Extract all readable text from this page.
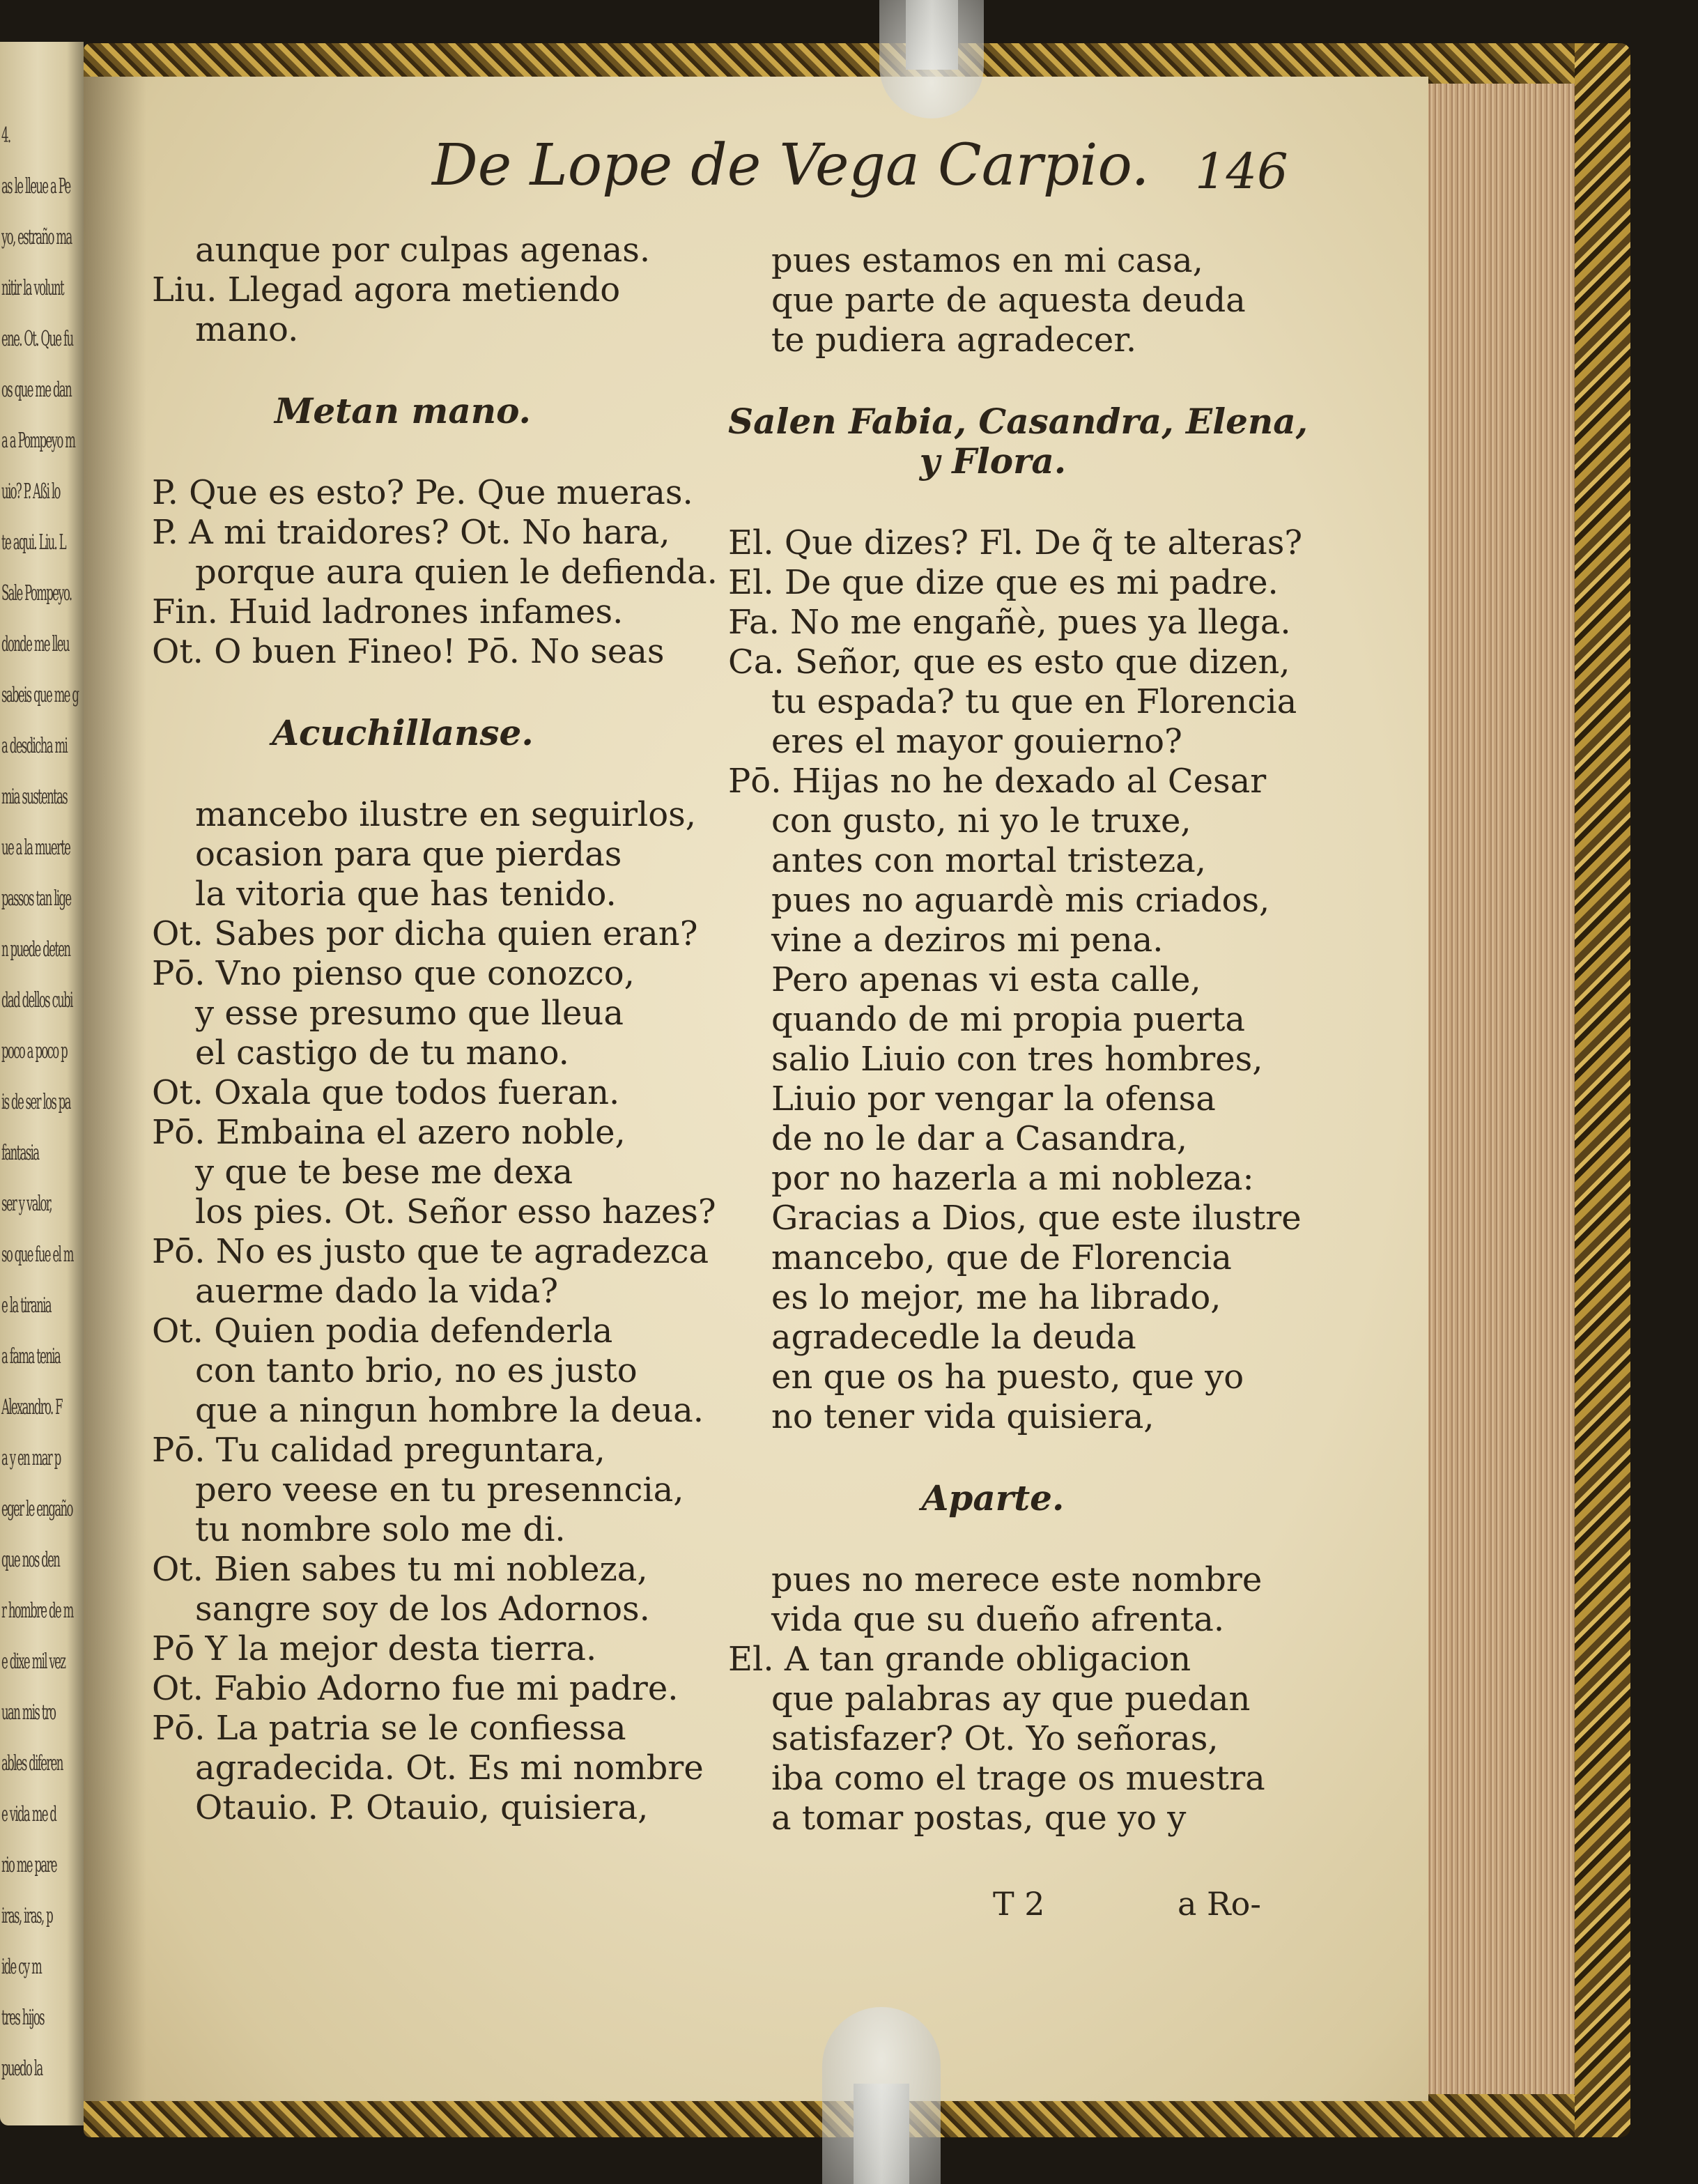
4.
as le lleue a Pe
yo, estraño ma
nitir la volunt
ene. Ot. Que fu
os que me dan
a a Pompeyo m
uio? P. Aßi lo
te aqui. Liu. L
Sale Pompeyo.
donde me lleu
sabeis que me g
a desdicha mi
mia sustentas
ue a la muerte
passos tan lige
n puede deten
dad dellos cubi
poco a poco p
is de ser los pa
fantasia
ser y valor,
so que fue el m
e la tirania
a fama tenia
Alexandro. F
a y en mar p
eger le engaño
que nos den
r hombre de m
e dixe mil vez
uan mis tro
ables diferen
e vida me d
rio me pare
iras, iras, p
ide cy m
tres hijos
puedo la
De Lope de Vega Carpio. 146
aunque por culpas agenas.
Liu. Llegad agora metiendo
mano.
Metan mano.
P. Que es esto? Pe. Que mueras.
P. A mi traidores? Ot. No hara,
porque aura quien le defienda.
Fin. Huid ladrones infames.
Ot. O buen Fineo! Pō. No seas
Acuchillanse.
mancebo ilustre en seguirlos,
ocasion para que pierdas
la vitoria que has tenido.
Ot. Sabes por dicha quien eran?
Pō. Vno pienso que conozco,
y esse presumo que lleua
el castigo de tu mano.
Ot. Oxala que todos fueran.
Pō. Embaina el azero noble,
y que te bese me dexa
los pies. Ot. Señor esso hazes?
Pō. No es justo que te agradezca
auerme dado la vida?
Ot. Quien podia defenderla
con tanto brio, no es justo
que a ningun hombre la deua.
Pō. Tu calidad preguntara,
pero veese en tu presenncia,
tu nombre solo me di.
Ot. Bien sabes tu mi nobleza,
sangre soy de los Adornos.
Pō Y la mejor desta tierra.
Ot. Fabio Adorno fue mi padre.
Pō. La patria se le confiessa
agradecida. Ot. Es mi nombre
Otauio. P. Otauio, quisiera,
pues estamos en mi casa,
que parte de aquesta deuda
te pudiera agradecer.
Salen Fabia, Casandra, Elena,
y Flora.
El. Que dizes? Fl. De q̃ te alteras?
El. De que dize que es mi padre.
Fa. No me engañè, pues ya llega.
Ca. Señor, que es esto que dizen,
tu espada? tu que en Florencia
eres el mayor gouierno?
Pō. Hijas no he dexado al Cesar
con gusto, ni yo le truxe,
antes con mortal tristeza,
pues no aguardè mis criados,
vine a deziros mi pena.
Pero apenas vi esta calle,
quando de mi propia puerta
salio Liuio con tres hombres,
Liuio por vengar la ofensa
de no le dar a Casandra,
por no hazerla a mi nobleza:
Gracias a Dios, que este ilustre
mancebo, que de Florencia
es lo mejor, me ha librado,
agradecedle la deuda
en que os ha puesto, que yo
no tener vida quisiera,
Aparte.
pues no merece este nombre
vida que su dueño afrenta.
El. A tan grande obligacion
que palabras ay que puedan
satisfazer? Ot. Yo señoras,
iba como el trage os muestra
a tomar postas, que yo y
T 2	a Ro-
